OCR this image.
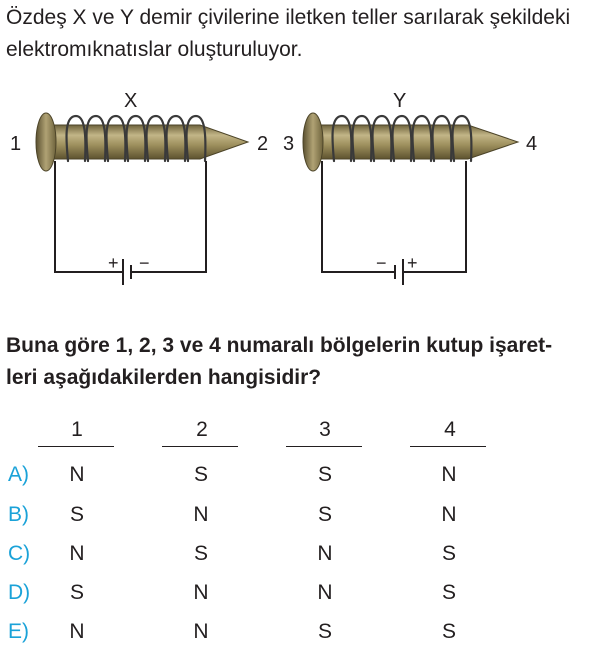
Özdeş X ve Y demir çivilerine iletken teller sarılarak şekildeki
elektromıknatıslar oluşturuluyor.
+ −	− +
X	Y
1	2 3	4
Buna göre 1, 2, 3 ve 4 numaralı bölgelerin kutup işaret-
leri aşağıdakilerden hangisidir?
1	2	3	4
A)	N	S	S	N
B)	S	N	S	N
C)	N	S	N	S
D)	S	N	N	S
E)	N	N	S	S
